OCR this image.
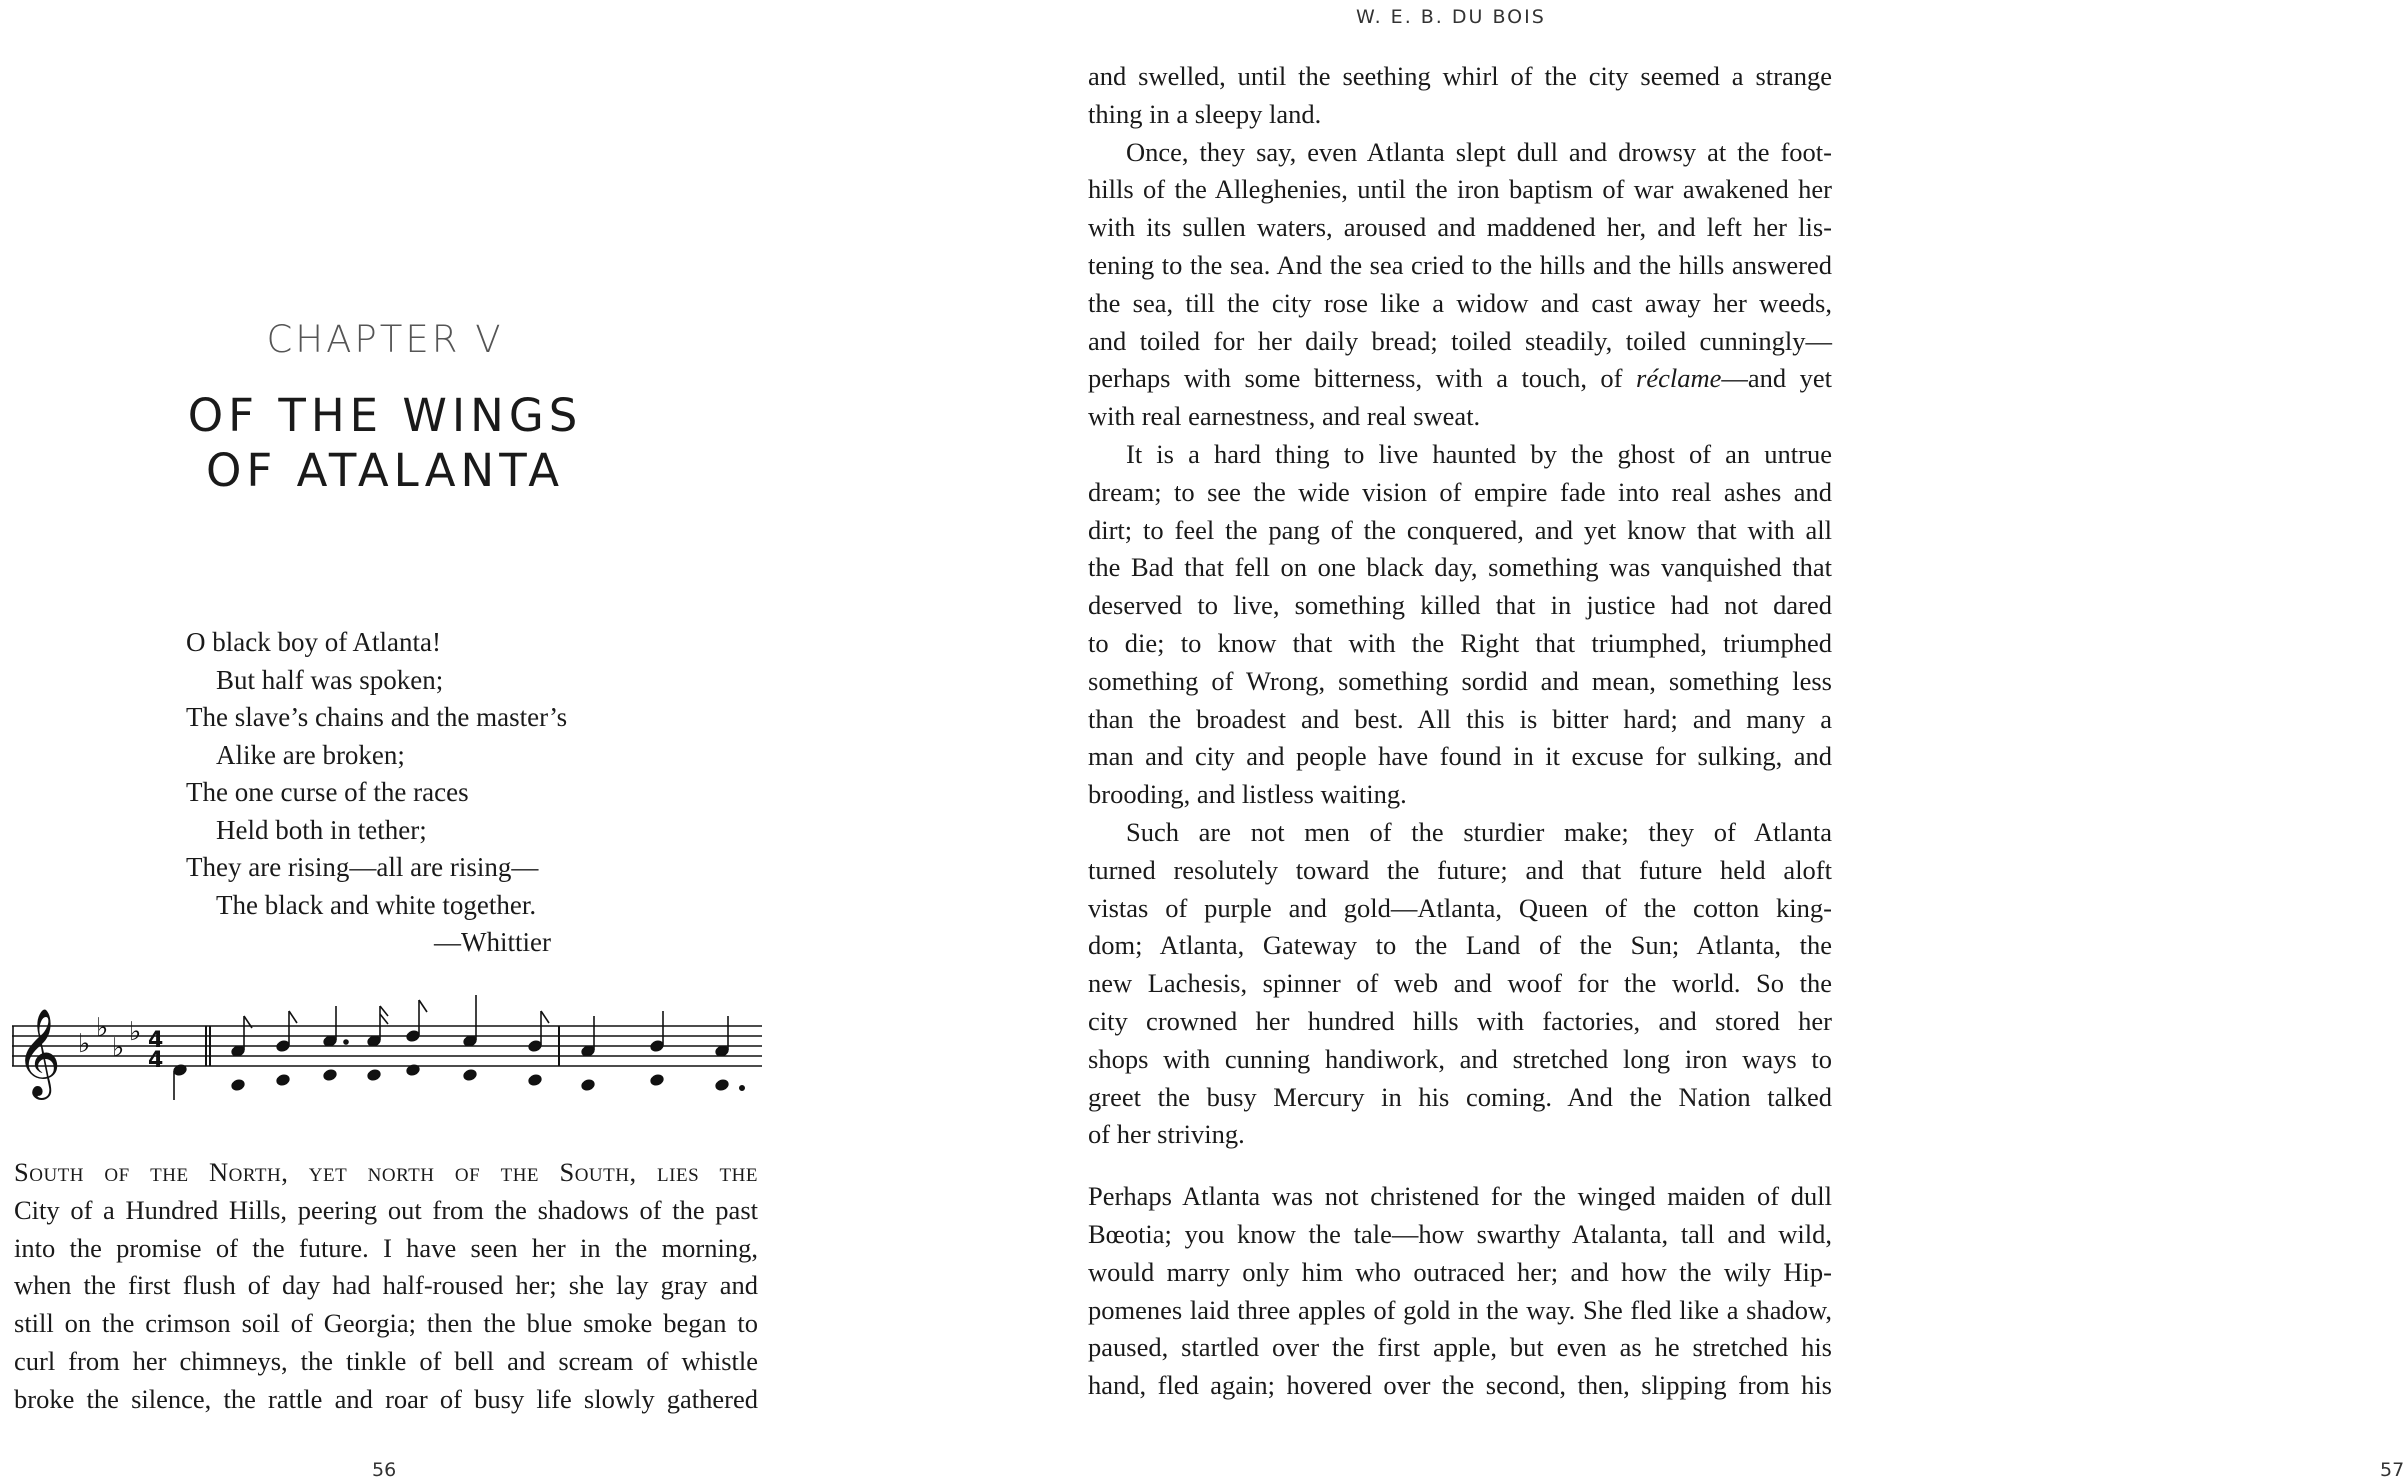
CHAPTER V
OF THE WINGS
OF ATALANTA
O black boy of Atlanta!
But half was spoken;
The slave’s chains and the master’s
Alike are broken;
The one curse of the races
Held both in tether;
They are rising—all are rising—
The black and white together.
—Whittier
𝄞 ♭
♭
♭
♭ 4
4
South of the North, yet north of the South, lies the
City of a Hundred Hills, peering out from the shadows of the past
into the promise of the future. I have seen her in the morning,
when the first flush of day had half-roused her; she lay gray and
still on the crimson soil of Georgia; then the blue smoke began to
curl from her chimneys, the tinkle of bell and scream of whistle
broke the silence, the rattle and roar of busy life slowly gathered
56
W. E. B. DU BOIS
and swelled, until the seething whirl of the city seemed a strange
thing in a sleepy land.
Once, they say, even Atlanta slept dull and drowsy at the foot-
hills of the Alleghenies, until the iron baptism of war awakened her
with its sullen waters, aroused and maddened her, and left her lis-
tening to the sea. And the sea cried to the hills and the hills answered
the sea, till the city rose like a widow and cast away her weeds,
and toiled for her daily bread; toiled steadily, toiled cunningly—
perhaps with some bitterness, with a touch, of réclame—and yet
with real earnestness, and real sweat.
It is a hard thing to live haunted by the ghost of an untrue
dream; to see the wide vision of empire fade into real ashes and
dirt; to feel the pang of the conquered, and yet know that with all
the Bad that fell on one black day, something was vanquished that
deserved to live, something killed that in justice had not dared
to die; to know that with the Right that triumphed, triumphed
something of Wrong, something sordid and mean, something less
than the broadest and best. All this is bitter hard; and many a
man and city and people have found in it excuse for sulking, and
brooding, and listless waiting.
Such are not men of the sturdier make; they of Atlanta
turned resolutely toward the future; and that future held aloft
vistas of purple and gold—Atlanta, Queen of the cotton king-
dom; Atlanta, Gateway to the Land of the Sun; Atlanta, the
new Lachesis, spinner of web and woof for the world. So the
city crowned her hundred hills with factories, and stored her
shops with cunning handiwork, and stretched long iron ways to
greet the busy Mercury in his coming. And the Nation talked
of her striving.
Perhaps Atlanta was not christened for the winged maiden of dull
Bœotia; you know the tale—how swarthy Atalanta, tall and wild,
would marry only him who outraced her; and how the wily Hip-
pomenes laid three apples of gold in the way. She fled like a shadow,
paused, startled over the first apple, but even as he stretched his
hand, fled again; hovered over the second, then, slipping from his
57
